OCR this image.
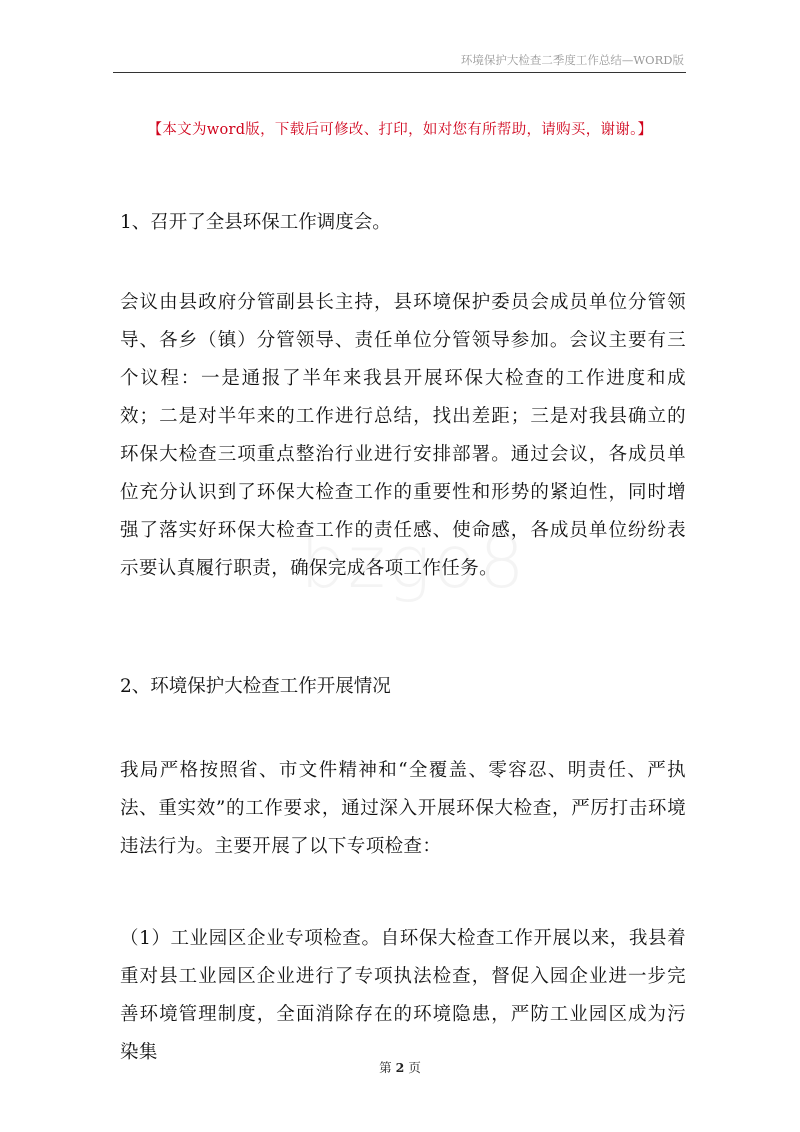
环境保护大检查二季度工作总结—WORD版
【本文为word版，下载后可修改、打印，如对您有所帮助，请购买，谢谢。】
1、召开了全县环保工作调度会。
会议由县政府分管副县长主持，县环境保护委员会成员单位分管领导、各乡（镇）分管领导、责任单位分管领导参加。会议主要有三个议程：一是通报了半年来我县开展环保大检查的工作进度和成效；二是对半年来的工作进行总结，找出差距；三是对我县确立的环保大检查三项重点整治行业进行安排部署。通过会议，各成员单位充分认识到了环保大检查工作的重要性和形势的紧迫性，同时增强了落实好环保大检查工作的责任感、使命感，各成员单位纷纷表示要认真履行职责，确保完成各项工作任务。
2、环境保护大检查工作开展情况
我局严格按照省、市文件精神和“全覆盖、零容忍、明责任、严执法、重实效”的工作要求，通过深入开展环保大检查，严厉打击环境违法行为。主要开展了以下专项检查：
（1）工业园区企业专项检查。自环保大检查工作开展以来，我县着重对县工业园区企业进行了专项执法检查，督促入园企业进一步完善环境管理制度，全面消除存在的环境隐患，严防工业园区成为污染集
第 2 页
